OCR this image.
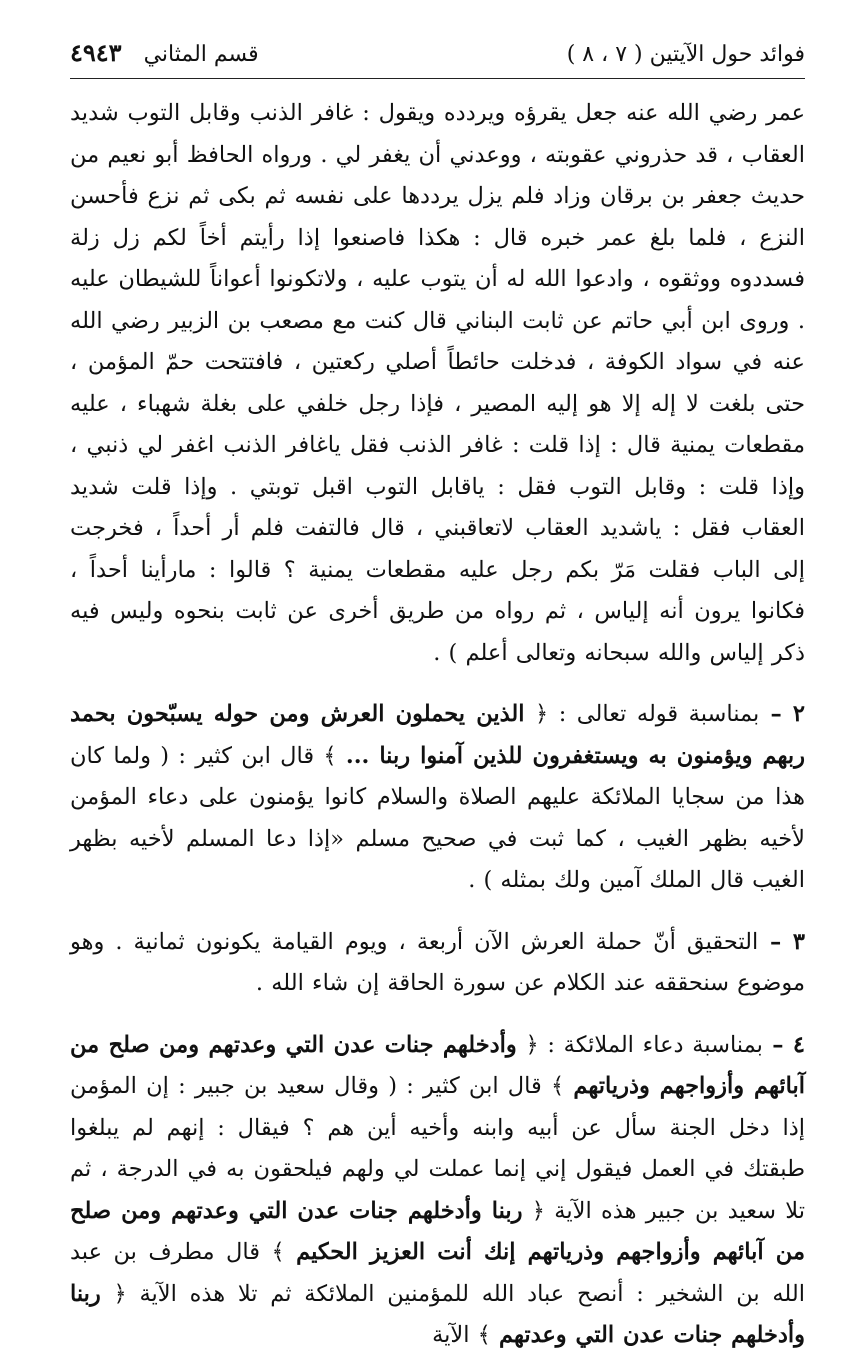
فوائد حول الآيتين ( ٧ ، ٨ )
قسم المثاني
٤٩٤٣

عمر رضي الله عنه جعل يقرؤه ويردده ويقول : غافر الذنب وقابل التوب شديد العقاب ، قد حذروني عقوبته ، ووعدني أن يغفر لي . ورواه الحافظ أبو نعيم من حديث جعفر بن برقان وزاد فلم يزل يرددها على نفسه ثم بكى ثم نزع فأحسن النزع ، فلما بلغ عمر خبره قال : هكذا فاصنعوا إذا رأيتم أخاً لكم زل زلة فسددوه ووثقوه ، وادعوا الله له أن يتوب عليه ، ولاتكونوا أعواناً للشيطان عليه . وروى ابن أبي حاتم عن ثابت البناني قال كنت مع مصعب بن الزبير رضي الله عنه في سواد الكوفة ، فدخلت حائطاً أصلي ركعتين ، فافتتحت حمّ المؤمن ، حتى بلغت لا إله إلا هو إليه المصير ، فإذا رجل خلفي على بغلة شهباء ، عليه مقطعات يمنية قال : إذا قلت : غافر الذنب فقل ياغافر الذنب اغفر لي ذنبي ، وإذا قلت : وقابل التوب فقل : ياقابل التوب اقبل توبتي . وإذا قلت شديد العقاب فقل : ياشديد العقاب لاتعاقبني ، قال فالتفت فلم أر أحداً ، فخرجت إلى الباب فقلت مَرّ بكم رجل عليه مقطعات يمنية ؟ قالوا : مارأينا أحداً ، فكانوا يرون أنه إلياس ، ثم رواه من طريق أخرى عن ثابت بنحوه وليس فيه ذكر إلياس والله سبحانه وتعالى أعلم ) .

٢ – بمناسبة قوله تعالى : ﴿ الذين يحملون العرش ومن حوله يسبّحون بحمد ربهم ويؤمنون به ويستغفرون للذين آمنوا ربنا ... ﴾ قال ابن كثير : ( ولما كان هذا من سجايا الملائكة عليهم الصلاة والسلام كانوا يؤمنون على دعاء المؤمن لأخيه بظهر الغيب ، كما ثبت في صحيح مسلم «إذا دعا المسلم لأخيه بظهر الغيب قال الملك آمين ولك بمثله ) .

٣ – التحقيق أنّ حملة العرش الآن أربعة ، ويوم القيامة يكونون ثمانية . وهو موضوع سنحققه عند الكلام عن سورة الحاقة إن شاء الله .

٤ – بمناسبة دعاء الملائكة : ﴿ وأدخلهم جنات عدن التي وعدتهم ومن صلح من آبائهم وأزواجهم وذرياتهم ﴾ قال ابن كثير : ( وقال سعيد بن جبير : إن المؤمن إذا دخل الجنة سأل عن أبيه وابنه وأخيه أين هم ؟ فيقال : إنهم لم يبلغوا طبقتك في العمل فيقول إني إنما عملت لي ولهم فيلحقون به في الدرجة ، ثم تلا سعيد بن جبير هذه الآية ﴿ ربنا وأدخلهم جنات عدن التي وعدتهم ومن صلح من آبائهم وأزواجهم وذرياتهم إنك أنت العزيز الحكيم ﴾ قال مطرف بن عبد الله بن الشخير : أنصح عباد الله للمؤمنين الملائكة ثم تلا هذه الآية ﴿ ربنا وأدخلهم جنات عدن التي وعدتهم ﴾ الآية
